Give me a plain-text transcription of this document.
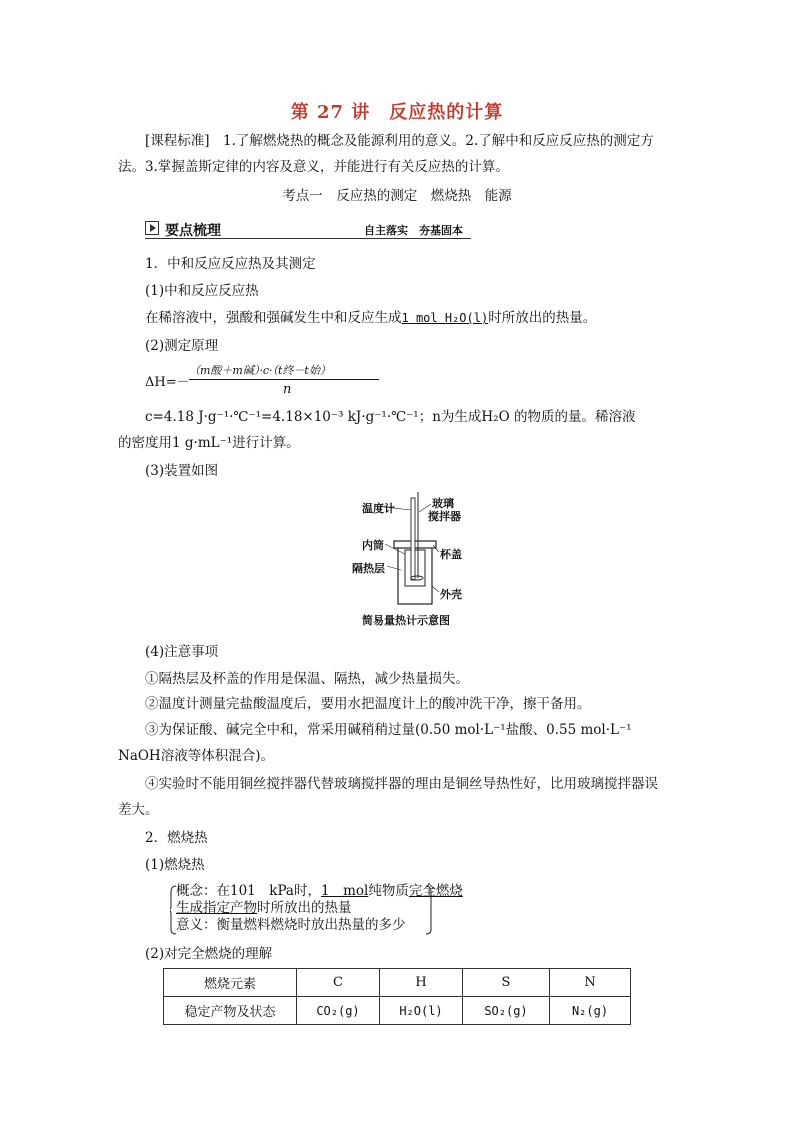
第 27 讲　反应热的计算
[课程标准]　1.了解燃烧热的概念及能源利用的意义。2.了解中和反应反应热的测定方
法。3.掌握盖斯定律的内容及意义，并能进行有关反应热的计算。
考点一　反应热的测定　燃烧热　能源
要点梳理	自主落实　夯基固本
1．中和反应反应热及其测定
(1)中和反应反应热
在稀溶液中，强酸和强碱发生中和反应生成1 mol H₂O(l)时所放出的热量。
(2)测定原理
ΔH=－
（m酸＋m碱）·c·（t终－t始）
n
c=4.18 J·g⁻¹·℃⁻¹=4.18×10⁻³ kJ·g⁻¹·℃⁻¹；n为生成H₂O 的物质的量。稀溶液
的密度用1 g·mL⁻¹进行计算。
(3)装置如图
温度计	玻璃
搅拌器
内筒
杯盖
隔热层
外壳
简易量热计示意图
(4)注意事项
①隔热层及杯盖的作用是保温、隔热，减少热量损失。
②温度计测量完盐酸温度后，要用水把温度计上的酸冲洗干净，擦干备用。
③为保证酸、碱完全中和，常采用碱稍稍过量(0.50 mol·L⁻¹盐酸、0.55 mol·L⁻¹
NaOH溶液等体积混合)。
④实验时不能用铜丝搅拌器代替玻璃搅拌器的理由是铜丝导热性好，比用玻璃搅拌器误
差大。
2．燃烧热
(1)燃烧热
概念：在101　kPa时，1　mol纯物质完全燃烧
生成指定产物时所放出的热量
意义：衡量燃料燃烧时放出热量的多少
(2)对完全燃烧的理解
燃烧元素	C	H	S	N
稳定产物及状态	CO₂(g)	H₂O(l)	SO₂(g)	N₂(g)
